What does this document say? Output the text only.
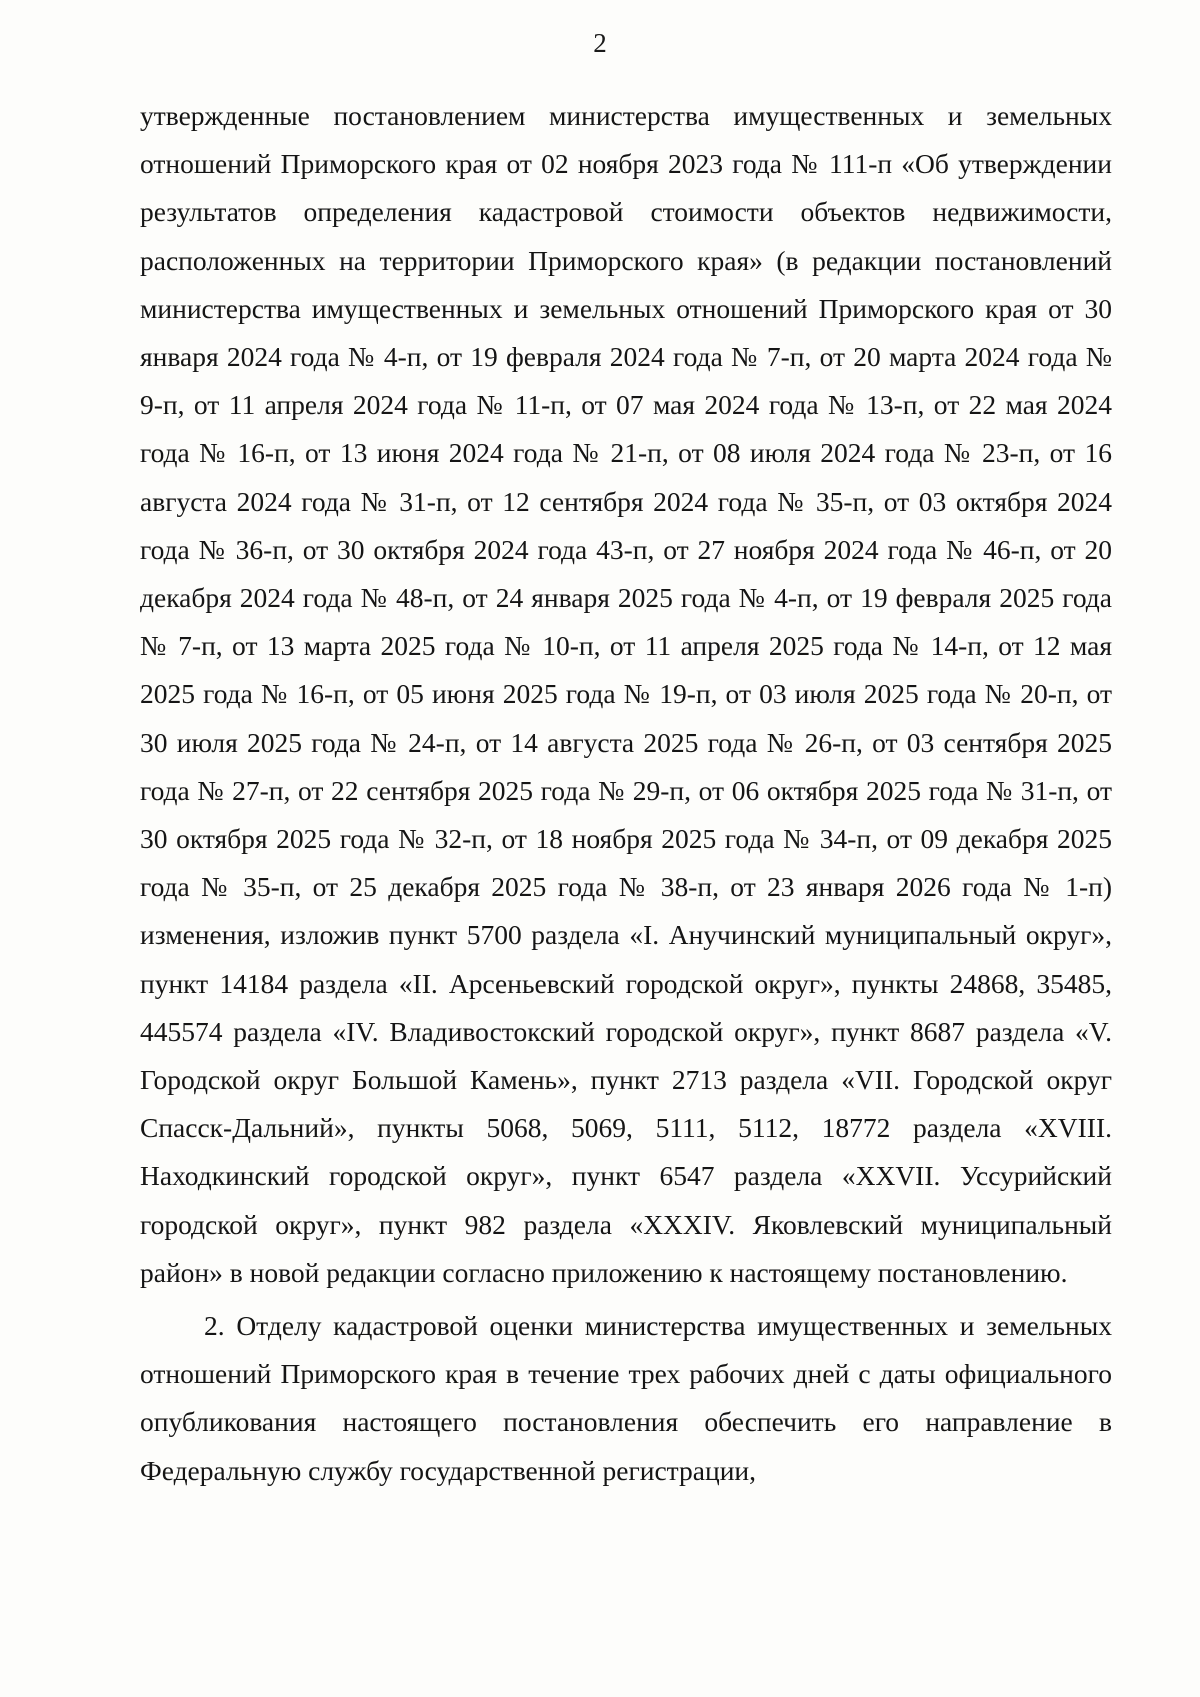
2

утвержденные постановлением министерства имущественных и земельных отношений Приморского края от 02 ноября 2023 года № 111-п «Об утверждении результатов определения кадастровой стоимости объектов недвижимости, расположенных на территории Приморского края» (в редакции постановлений министерства имущественных и земельных отношений Приморского края от 30 января 2024 года № 4-п, от 19 февраля 2024 года № 7-п, от 20 марта 2024 года № 9-п, от 11 апреля 2024 года № 11-п, от 07 мая 2024 года № 13-п, от 22 мая 2024 года № 16-п, от 13 июня 2024 года № 21-п, от 08 июля 2024 года № 23-п, от 16 августа 2024 года № 31-п, от 12 сентября 2024 года № 35-п, от 03 октября 2024 года № 36-п, от 30 октября 2024 года 43-п, от 27 ноября 2024 года № 46-п, от 20 декабря 2024 года № 48-п, от 24 января 2025 года № 4-п, от 19 февраля 2025 года № 7-п, от 13 марта 2025 года № 10-п, от 11 апреля 2025 года № 14-п, от 12 мая 2025 года № 16-п, от 05 июня 2025 года № 19-п, от 03 июля 2025 года № 20-п, от 30 июля 2025 года № 24-п, от 14 августа 2025 года № 26-п, от 03 сентября 2025 года № 27-п, от 22 сентября 2025 года № 29-п, от 06 октября 2025 года № 31-п, от 30 октября 2025 года № 32-п, от 18 ноября 2025 года № 34-п, от 09 декабря 2025 года № 35-п, от 25 декабря 2025 года № 38-п, от 23 января 2026 года № 1-п) изменения, изложив пункт 5700 раздела «I. Анучинский муниципальный округ», пункт 14184 раздела «II. Арсеньевский городской округ», пункты 24868, 35485, 445574 раздела «IV. Владивостокский городской округ», пункт 8687 раздела «V. Городской округ Большой Камень», пункт 2713 раздела «VII. Городской округ Спасск-Дальний», пункты 5068, 5069, 5111, 5112, 18772 раздела «XVIII. Находкинский городской округ», пункт 6547 раздела «XXVII. Уссурийский городской округ», пункт 982 раздела «XXXIV. Яковлевский муниципальный район» в новой редакции согласно приложению к настоящему постановлению.

2. Отделу кадастровой оценки министерства имущественных и земельных отношений Приморского края в течение трех рабочих дней с даты официального опубликования настоящего постановления обеспечить его направление в Федеральную службу государственной регистрации,
